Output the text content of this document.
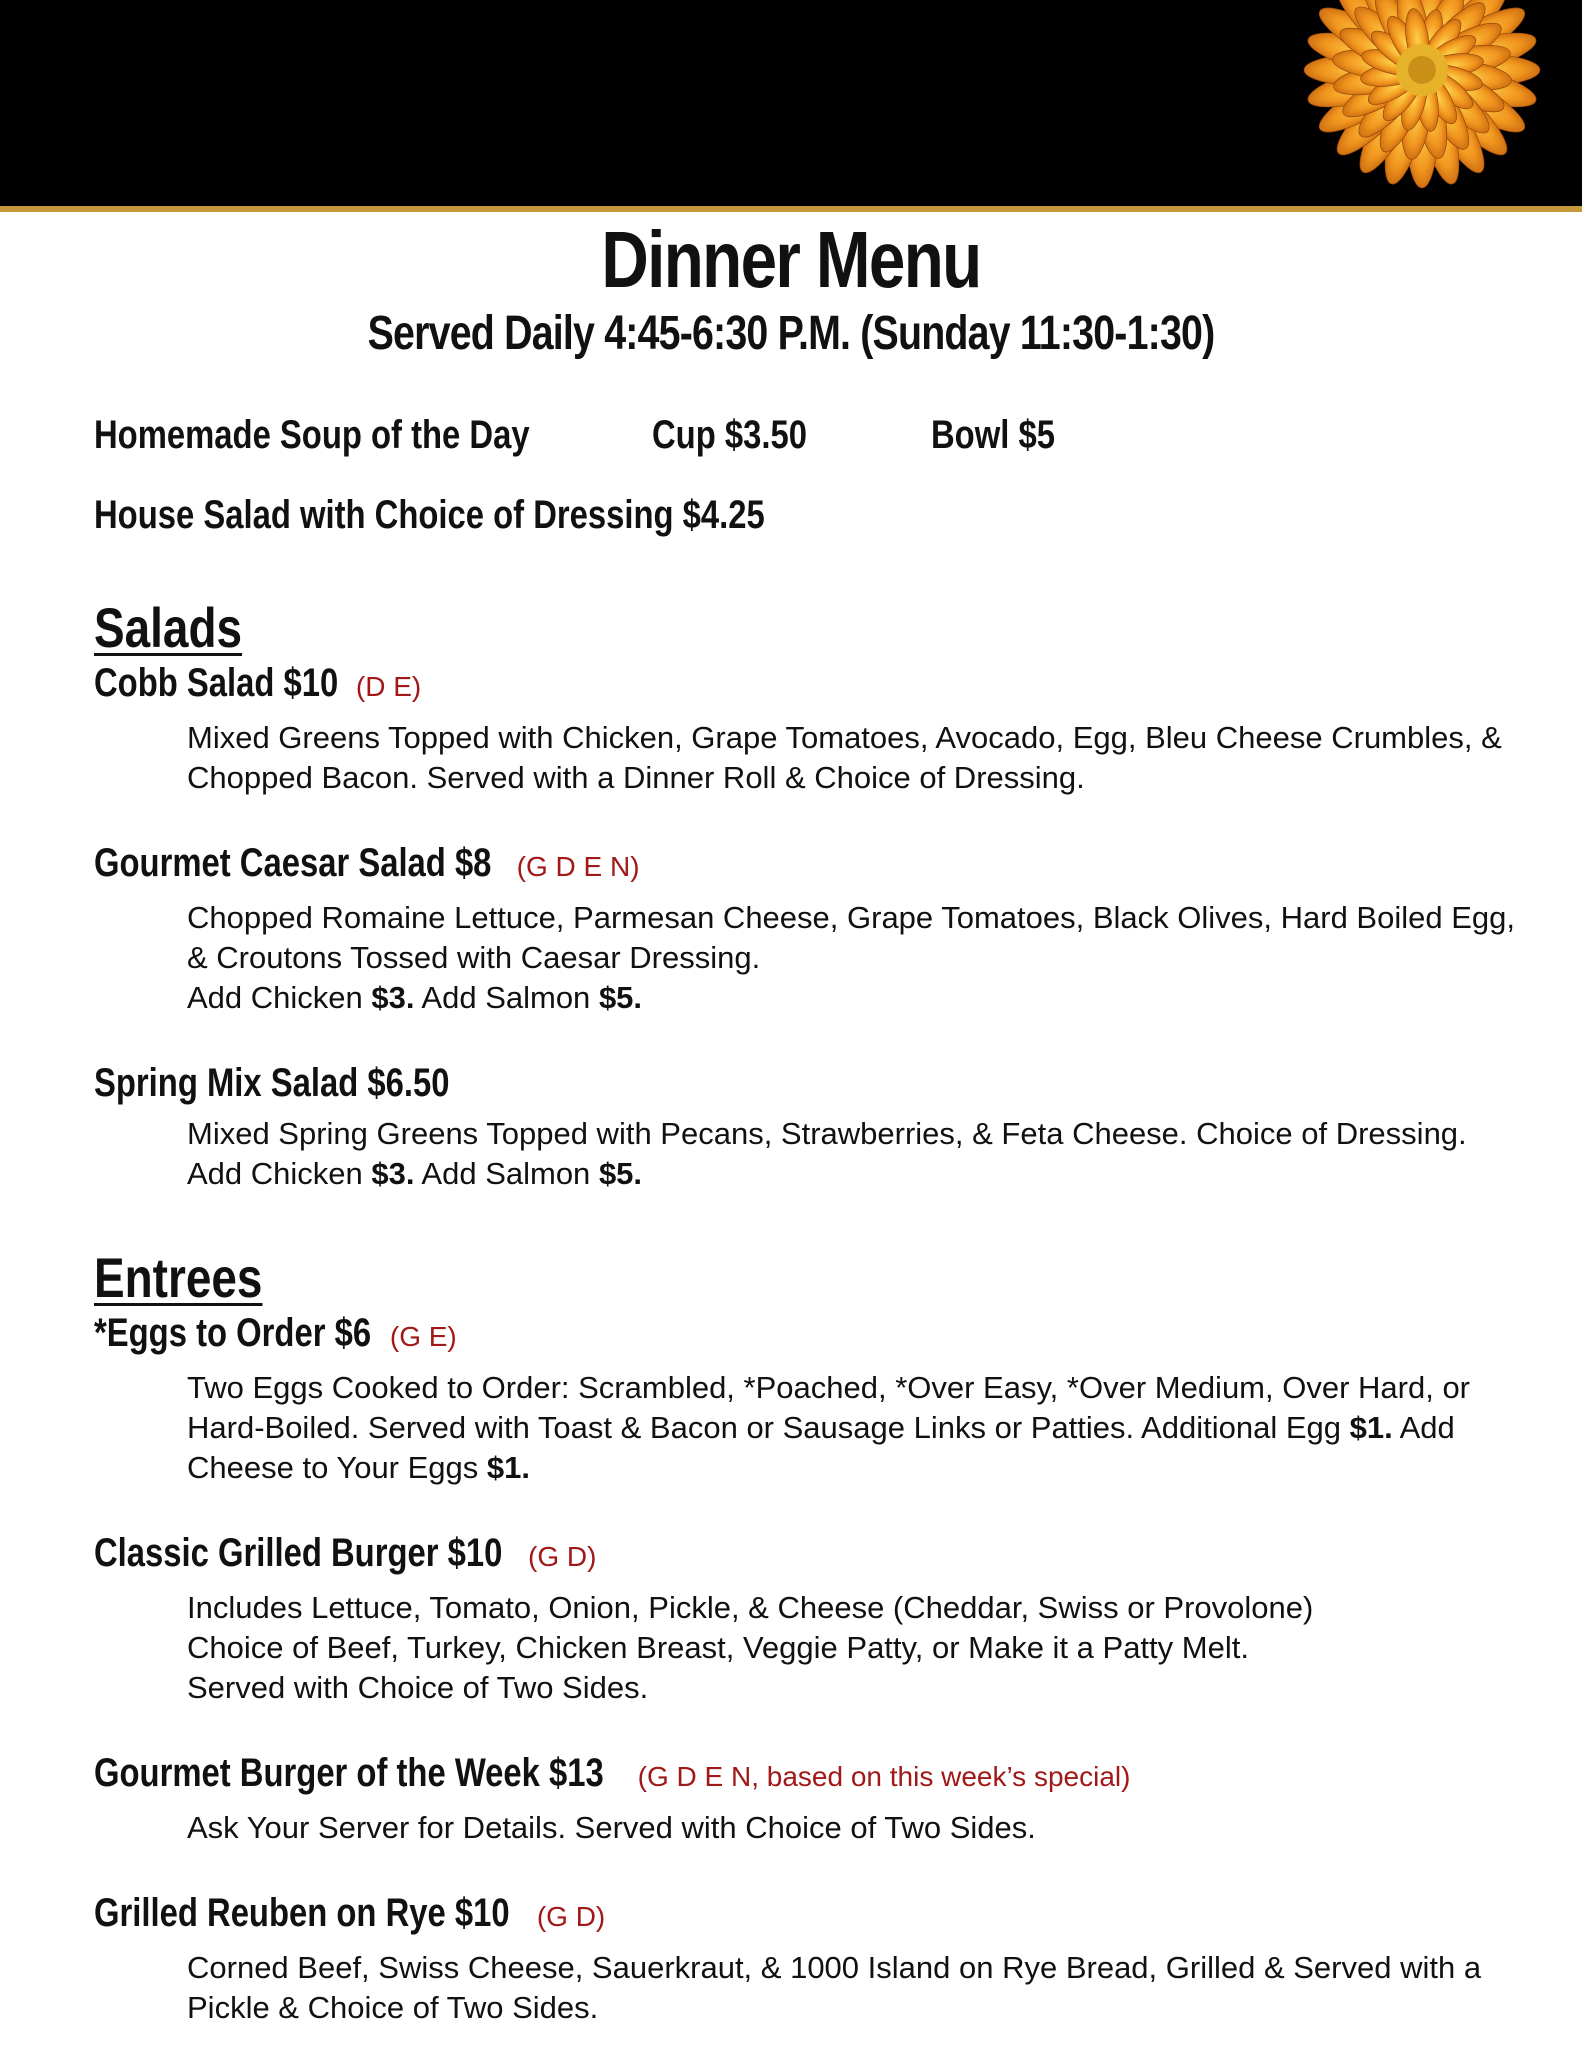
Dinner Menu
Served Daily 4:45-6:30 P.M. (Sunday 11:30-1:30)
Homemade Soup of the Day	Cup $3.50	Bowl $5
House Salad with Choice of Dressing $4.25
Salads
Cobb Salad $10 (D E)
Mixed Greens Topped with Chicken, Grape Tomatoes, Avocado, Egg, Bleu Cheese Crumbles, & Chopped Bacon. Served with a Dinner Roll & Choice of Dressing.
Gourmet Caesar Salad $8 (G D E N)
Chopped Romaine Lettuce, Parmesan Cheese, Grape Tomatoes, Black Olives, Hard Boiled Egg, & Croutons Tossed with Caesar Dressing.
Add Chicken $3. Add Salmon $5.
Spring Mix Salad $6.50
Mixed Spring Greens Topped with Pecans, Strawberries, & Feta Cheese. Choice of Dressing. Add Chicken $3. Add Salmon $5.
Entrees
*Eggs to Order $6 (G E)
Two Eggs Cooked to Order: Scrambled, *Poached, *Over Easy, *Over Medium, Over Hard, or Hard-Boiled. Served with Toast & Bacon or Sausage Links or Patties. Additional Egg $1. Add Cheese to Your Eggs $1.
Classic Grilled Burger $10 (G D)
Includes Lettuce, Tomato, Onion, Pickle, & Cheese (Cheddar, Swiss or Provolone)
Choice of Beef, Turkey, Chicken Breast, Veggie Patty, or Make it a Patty Melt.
Served with Choice of Two Sides.
Gourmet Burger of the Week $13 (G D E N, based on this week’s special)
Ask Your Server for Details. Served with Choice of Two Sides.
Grilled Reuben on Rye $10 (G D)
Corned Beef, Swiss Cheese, Sauerkraut, & 1000 Island on Rye Bread, Grilled & Served with a Pickle & Choice of Two Sides.
